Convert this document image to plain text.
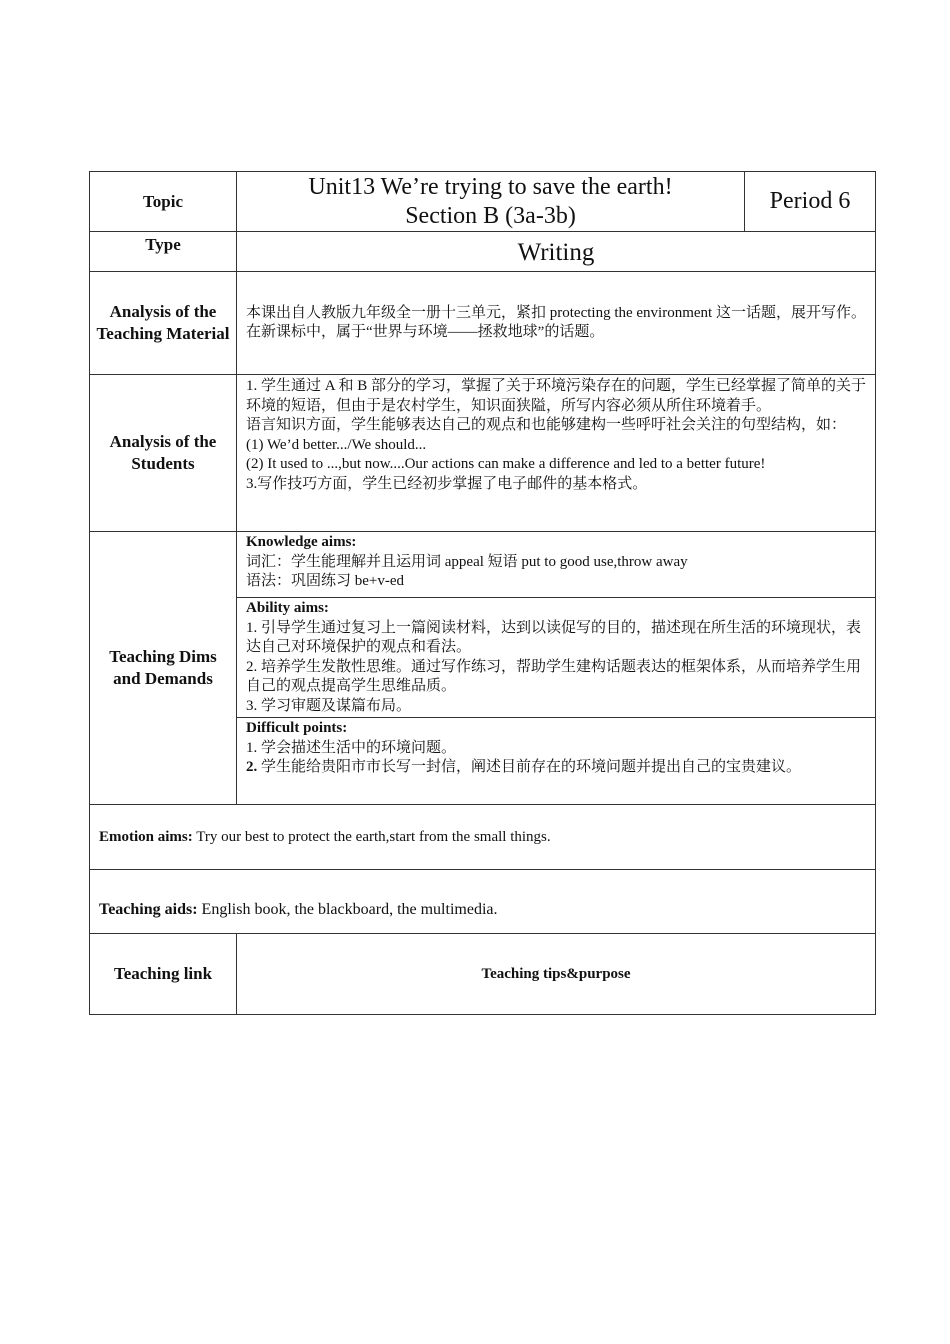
Topic
Unit13 We’re trying to save the earth!
Section B (3a-3b)
Period 6
Type	Writing
Analysis of the Teaching Material
本课出自人教版九年级全一册十三单元，紧扣 protecting the environment 这一话题，展开写作。在新课标中，属于“世界与环境——拯救地球”的话题。
Analysis of the Students
1. 学生通过 A 和 B 部分的学习，掌握了关于环境污染存在的问题，学生已经掌握了简单的关于环境的短语，但由于是农村学生，知识面狭隘，所写内容必须从所住环境着手。
语言知识方面，学生能够表达自己的观点和也能够建构一些呼吁社会关注的句型结构，如：
(1) We’d better.../We should...
(2) It used to ...,but now....Our actions can make a difference and led to a better future!
3.写作技巧方面，学生已经初步掌握了电子邮件的基本格式。
Teaching Dims and Demands
Knowledge aims:
词汇：学生能理解并且运用词 appeal 短语 put to good use,throw away
语法：巩固练习 be+v-ed
Ability aims:
1. 引导学生通过复习上一篇阅读材料，达到以读促写的目的，描述现在所生活的环境现状，表达自己对环境保护的观点和看法。
2. 培养学生发散性思维。通过写作练习，帮助学生建构话题表达的框架体系，从而培养学生用自己的观点提高学生思维品质。
3. 学习审题及谋篇布局。
Difficult points:
1. 学会描述生活中的环境问题。
2. 学生能给贵阳市市长写一封信，阐述目前存在的环境问题并提出自己的宝贵建议。
Emotion aims: Try our best to protect the earth,start from the small things.
Teaching aids: English book, the blackboard, the multimedia.
Teaching link	Teaching tips&purpose
